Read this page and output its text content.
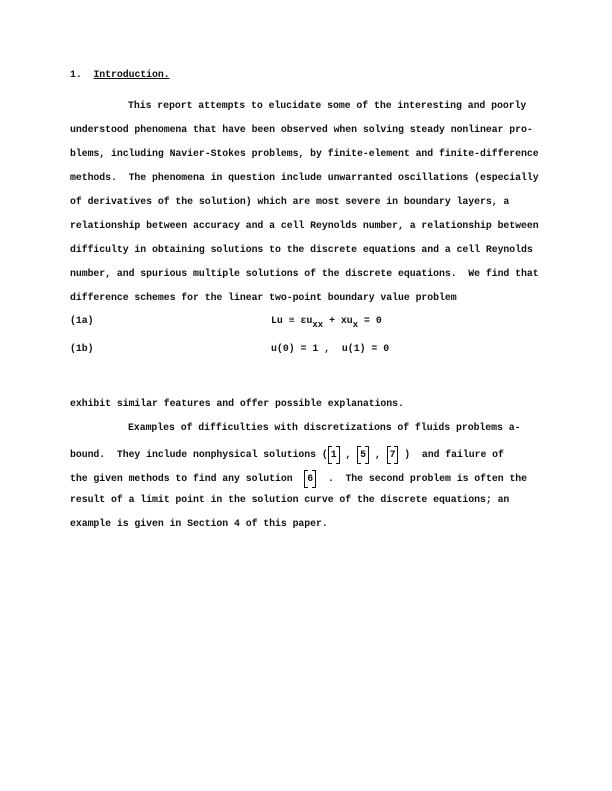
1. Introduction.
This report attempts to elucidate some of the interesting and poorly
understood phenomena that have been observed when solving steady nonlinear pro-
blems, including Navier-Stokes problems, by finite-element and finite-difference
methods.  The phenomena in question include unwarranted oscillations (especially
of derivatives of the solution) which are most severe in boundary layers, a
relationship between accuracy and a cell Reynolds number, a relationship between
difficulty in obtaining solutions to the discrete equations and a cell Reynolds
number, and spurious multiple solutions of the discrete equations.  We find that
difference schemes for the linear two-point boundary value problem
(1a)	$Lu \equiv \varepsilon u_{xx} + xu_x = 0$
(1b)	u(0) = 1 ,  u(1) = 0
exhibit similar features and offer possible explanations.
Examples of difficulties with discretizations of fluids problems a-
bound.  They include nonphysical solutions ( 1 ,
5 ,
7 )  and failure of
the given methods to find any solution
6  .  The second problem is often the
result of a limit point in the solution curve of the discrete equations; an
example is given in Section 4 of this paper.
